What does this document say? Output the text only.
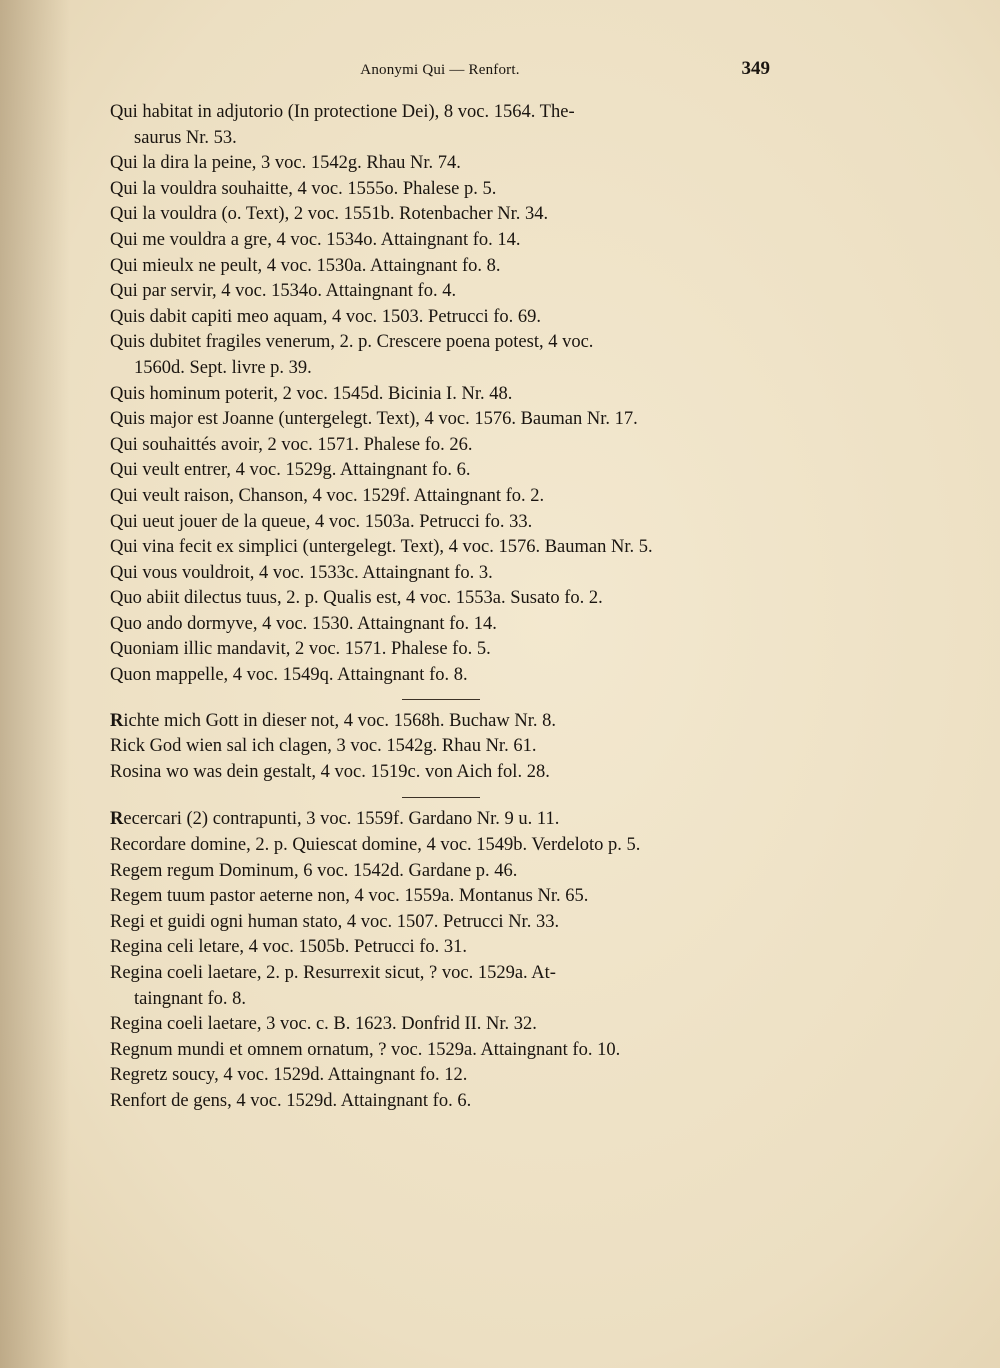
Anonymi Qui — Renfort.	349
Qui habitat in adjutorio (In protectione Dei), 8 voc. 1564. The-
saurus Nr. 53.
Qui la dira la peine, 3 voc. 1542g. Rhau Nr. 74.
Qui la vouldra souhaitte, 4 voc. 1555o. Phalese p. 5.
Qui la vouldra (o. Text), 2 voc. 1551b. Rotenbacher Nr. 34.
Qui me vouldra a gre, 4 voc. 1534o. Attaingnant fo. 14.
Qui mieulx ne peult, 4 voc. 1530a. Attaingnant fo. 8.
Qui par servir, 4 voc. 1534o. Attaingnant fo. 4.
Quis dabit capiti meo aquam, 4 voc. 1503. Petrucci fo. 69.
Quis dubitet fragiles venerum, 2. p. Crescere poena potest, 4 voc.
1560d. Sept. livre p. 39.
Quis hominum poterit, 2 voc. 1545d. Bicinia I. Nr. 48.
Quis major est Joanne (untergelegt. Text), 4 voc. 1576. Bauman Nr. 17.
Qui souhaittés avoir, 2 voc. 1571. Phalese fo. 26.
Qui veult entrer, 4 voc. 1529g. Attaingnant fo. 6.
Qui veult raison, Chanson, 4 voc. 1529f. Attaingnant fo. 2.
Qui ueut jouer de la queue, 4 voc. 1503a. Petrucci fo. 33.
Qui vina fecit ex simplici (untergelegt. Text), 4 voc. 1576. Bauman Nr. 5.
Qui vous vouldroit, 4 voc. 1533c. Attaingnant fo. 3.
Quo abiit dilectus tuus, 2. p. Qualis est, 4 voc. 1553a. Susato fo. 2.
Quo ando dormyve, 4 voc. 1530. Attaingnant fo. 14.
Quoniam illic mandavit, 2 voc. 1571. Phalese fo. 5.
Quon mappelle, 4 voc. 1549q. Attaingnant fo. 8.
Richte mich Gott in dieser not, 4 voc. 1568h. Buchaw Nr. 8.
Rick God wien sal ich clagen, 3 voc. 1542g. Rhau Nr. 61.
Rosina wo was dein gestalt, 4 voc. 1519c. von Aich fol. 28.
Recercari (2) contrapunti, 3 voc. 1559f. Gardano Nr. 9 u. 11.
Recordare domine, 2. p. Quiescat domine, 4 voc. 1549b. Verdeloto p. 5.
Regem regum Dominum, 6 voc. 1542d. Gardane p. 46.
Regem tuum pastor aeterne non, 4 voc. 1559a. Montanus Nr. 65.
Regi et guidi ogni human stato, 4 voc. 1507. Petrucci Nr. 33.
Regina celi letare, 4 voc. 1505b. Petrucci fo. 31.
Regina coeli laetare, 2. p. Resurrexit sicut, ? voc. 1529a. At-
taingnant fo. 8.
Regina coeli laetare, 3 voc. c. B. 1623. Donfrid II. Nr. 32.
Regnum mundi et omnem ornatum, ? voc. 1529a. Attaingnant fo. 10.
Regretz soucy, 4 voc. 1529d. Attaingnant fo. 12.
Renfort de gens, 4 voc. 1529d. Attaingnant fo. 6.
